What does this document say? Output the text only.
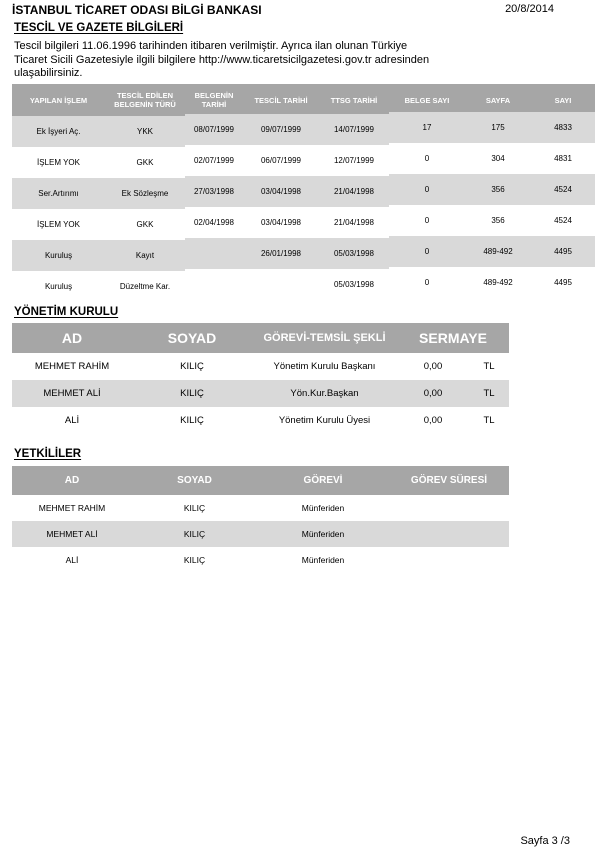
İSTANBUL TİCARET ODASI BİLGİ BANKASI	20/8/2014
TESCİL VE GAZETE BİLGİLERİ
Tescil bilgileri 11.06.1996 tarihinden itibaren verilmiştir. Ayrıca ilan olunan Türkiye
Ticaret Sicili Gazetesiyle ilgili bilgilere http://www.ticaretsicilgazetesi.gov.tr adresinden
ulaşabilirsiniz.
YAPILAN İŞLEM	TESCİL EDİLEN BELGENİN TÜRÜ	BELGENİN TARİHİ	TESCİL TARİHİ	TTSG TARİHİ	BELGE SAYI	SAYFA	SAYI
Ek İşyeri Aç.	YKK	08/07/1999	09/07/1999	14/07/1999	17	175	4833
İŞLEM YOK	GKK	02/07/1999	06/07/1999	12/07/1999	0	304	4831
Ser.Artırımı	Ek Sözleşme	27/03/1998	03/04/1998	21/04/1998	0	356	4524
İŞLEM YOK	GKK	02/04/1998	03/04/1998	21/04/1998	0	356	4524
Kuruluş	Kayıt		26/01/1998	05/03/1998	0	489-492	4495
Kuruluş	Düzeltme Kar.			05/03/1998	0	489-492	4495
YÖNETİM KURULU
AD	SOYAD	GÖREVİ-TEMSİL ŞEKLİ	SERMAYE	
MEHMET RAHİM	KILIÇ	Yönetim Kurulu Başkanı	0,00	TL
MEHMET ALİ	KILIÇ	Yön.Kur.Başkan	0,00	TL
ALİ	KILIÇ	Yönetim Kurulu Üyesi	0,00	TL
YETKİLİLER
AD	SOYAD	GÖREVİ	GÖREV SÜRESİ
MEHMET RAHİM	KILIÇ	Münferiden	
MEHMET ALİ	KILIÇ	Münferiden	
ALİ	KILIÇ	Münferiden	
Sayfa 3 /3
